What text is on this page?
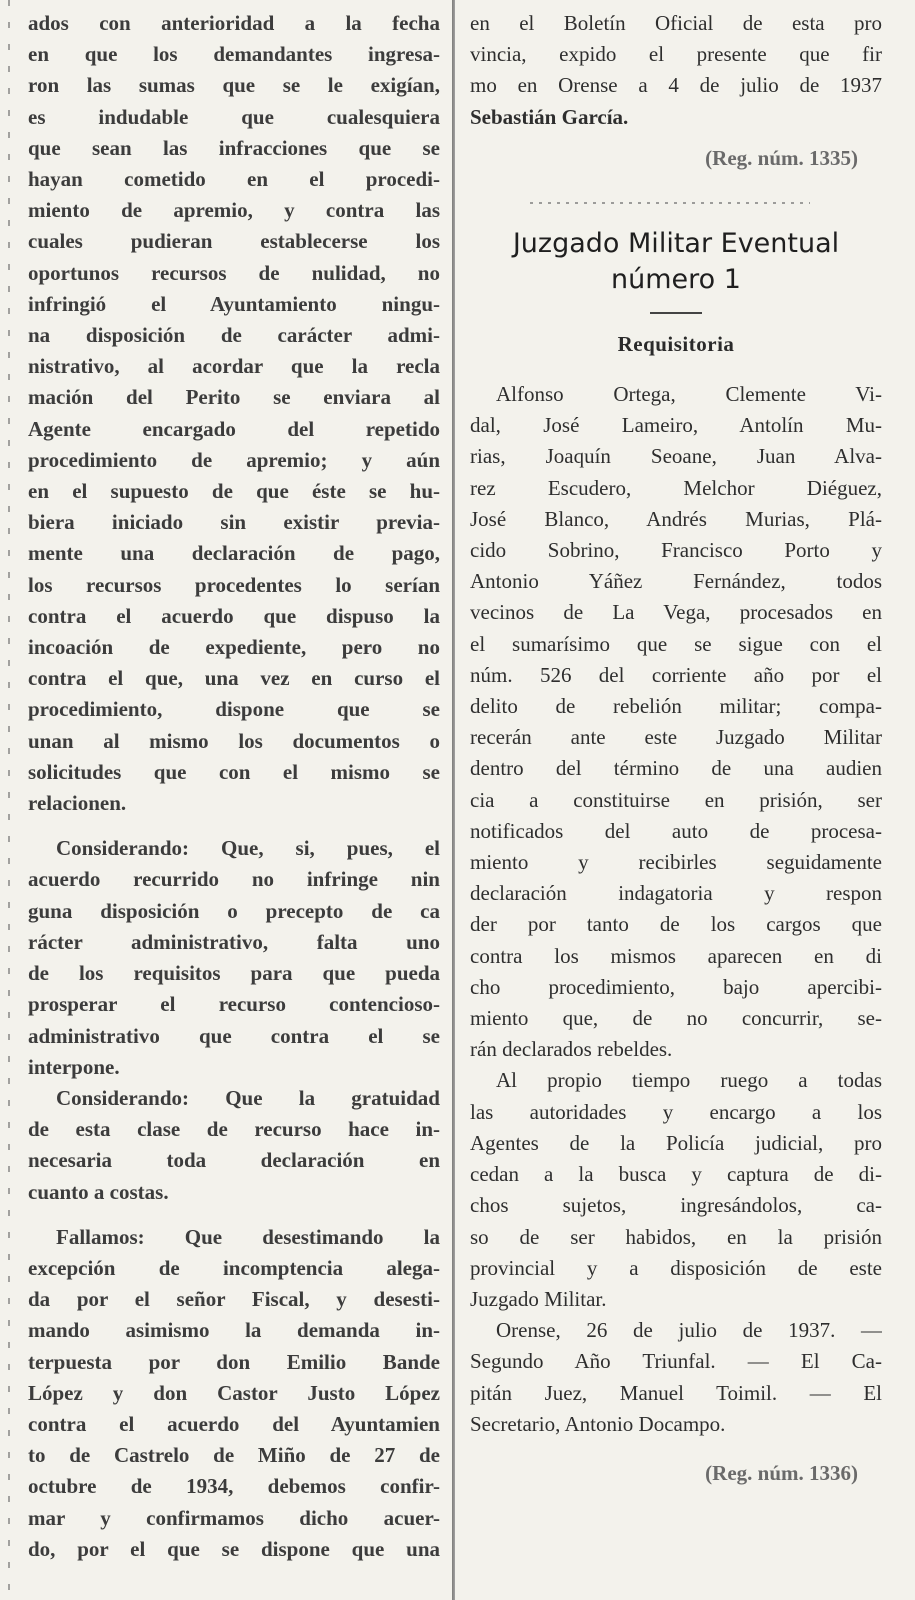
ados con anterioridad a la fecha

en que los demandantes ingresa-

ron las sumas que se le exigían,

es indudable que cualesquiera

que sean las infracciones que se

hayan cometido en el procedi-

miento de apremio, y contra las

cuales pudieran establecerse los

oportunos recursos de nulidad, no

infringió el Ayuntamiento ningu-

na disposición de carácter admi-

nistrativo, al acordar que la recla

mación del Perito se enviara al

Agente encargado del repetido

procedimiento de apremio; y aún

en el supuesto de que éste se hu-

biera iniciado sin existir previa-

mente una declaración de pago,

los recursos procedentes lo serían

contra el acuerdo que dispuso la

incoación de expediente, pero no

contra el que, una vez en curso el

procedimiento, dispone que se

unan al mismo los documentos o

solicitudes que con el mismo se

relacionen.

Considerando: Que, si, pues, el

acuerdo recurrido no infringe nin

guna disposición o precepto de ca

rácter administrativo, falta uno

de los requisitos para que pueda

prosperar el recurso contencioso-

administrativo que contra el se

interpone.

Considerando: Que la gratuidad

de esta clase de recurso hace in-

necesaria toda declaración en

cuanto a costas.

Fallamos: Que desestimando la

excepción de incomptencia alega-

da por el señor Fiscal, y desesti-

mando asimismo la demanda in-

terpuesta por don Emilio Bande

López y don Castor Justo López

contra el acuerdo del Ayuntamien

to de Castrelo de Miño de 27 de

octubre de 1934, debemos confir-

mar y confirmamos dicho acuer-

do, por el que se dispone que una

en el Boletín Oficial de esta pro

vincia, expido el presente que fir

mo en Orense a 4 de julio de 1937

Sebastián García.

(Reg. núm. 1335)

Juzgado Militar Eventual
número 1
Requisitoria

Alfonso Ortega, Clemente Vi-

dal, José Lameiro, Antolín Mu-

rias, Joaquín Seoane, Juan Alva-

rez Escudero, Melchor Diéguez,

José Blanco, Andrés Murias, Plá-

cido Sobrino, Francisco Porto y

Antonio Yáñez Fernández, todos

vecinos de La Vega, procesados en

el sumarísimo que se sigue con el

núm. 526 del corriente año por el

delito de rebelión militar; compa-

recerán ante este Juzgado Militar

dentro del término de una audien

cia a constituirse en prisión, ser

notificados del auto de procesa-

miento y recibirles seguidamente

declaración indagatoria y respon

der por tanto de los cargos que

contra los mismos aparecen en di

cho procedimiento, bajo apercibi-

miento que, de no concurrir, se-

rán declarados rebeldes.

Al propio tiempo ruego a todas

las autoridades y encargo a los

Agentes de la Policía judicial, pro

cedan a la busca y captura de di-

chos sujetos, ingresándolos, ca-

so de ser habidos, en la prisión

provincial y a disposición de este

Juzgado Militar.

Orense, 26 de julio de 1937. —

Segundo Año Triunfal. — El Ca-

pitán Juez, Manuel Toimil. — El

Secretario, Antonio Docampo.

(Reg. núm. 1336)
